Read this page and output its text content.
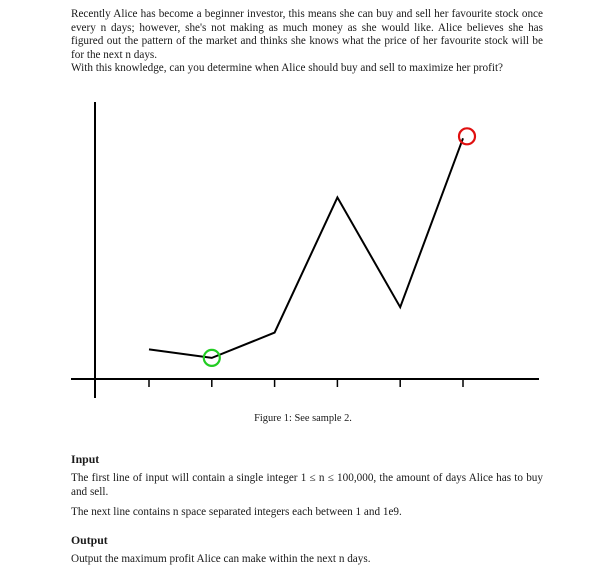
Recently Alice has become a beginner investor, this means she can buy and sell her favourite stock once every n days; however, she's not making as much money as she would like. Alice believes she has figured out the pattern of the market and thinks she knows what the price of her favourite stock will be for the next n days.

With this knowledge, can you determine when Alice should buy and sell to maximize her profit?

Figure 1: See sample 2.

Input

The first line of input will contain a single integer 1 ≤ n ≤ 100,000, the amount of days Alice has to buy and sell.

The next line contains n space separated integers each between 1 and 1e9.

Output

Output the maximum profit Alice can make within the next n days.
